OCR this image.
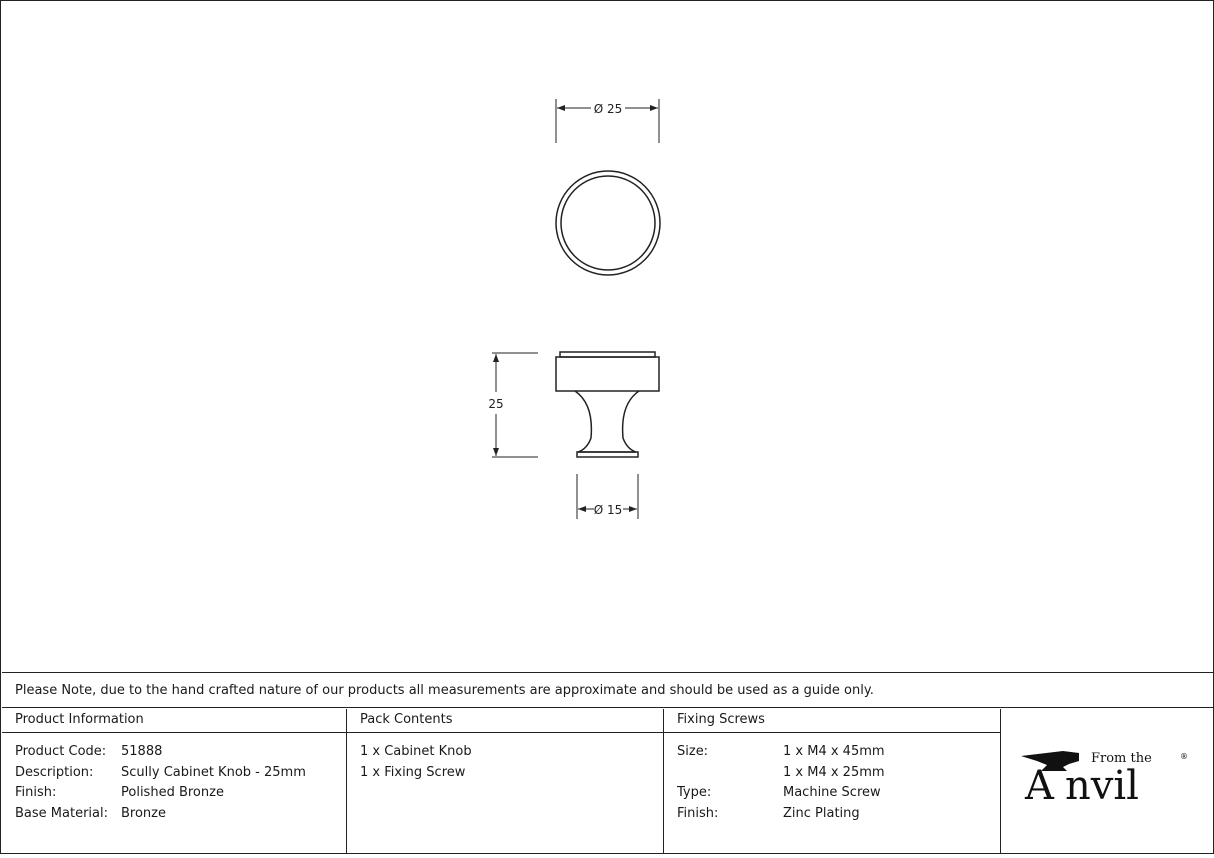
Ø 25
25
Ø 15
Please Note, due to the hand crafted nature of our products all measurements are approximate and should be used as a guide only.
Product Information
Product Code: 51888
Description: Scully Cabinet Knob - 25mm
Finish:	Polished Bronze
Base Material: Bronze
Pack Contents
1 x Cabinet Knob
1 x Fixing Screw
Fixing Screws
Size:	1 x M4 x 45mm
1 x M4 x 25mm
Type:	Machine Screw
Finish:	Zinc Plating
A nvil
From the	®
